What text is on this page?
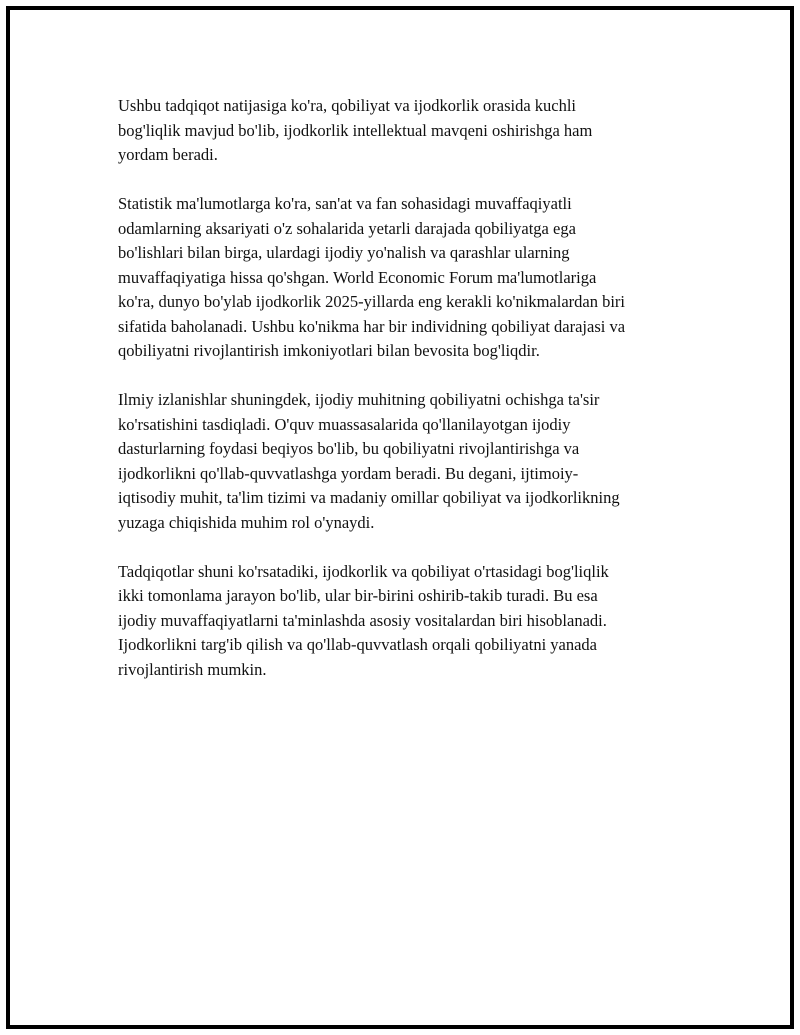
Ushbu tadqiqot natijasiga ko'ra, qobiliyat va ijodkorlik orasida kuchli
bog'liqlik mavjud bo'lib, ijodkorlik intellektual mavqeni oshirishga ham
yordam beradi.

Statistik ma'lumotlarga ko'ra, san'at va fan sohasidagi muvaffaqiyatli
odamlarning aksariyati o'z sohalarida yetarli darajada qobiliyatga ega
bo'lishlari bilan birga, ulardagi ijodiy yo'nalish va qarashlar ularning
muvaffaqiyatiga hissa qo'shgan. World Economic Forum ma'lumotlariga
ko'ra, dunyo bo'ylab ijodkorlik 2025-yillarda eng kerakli ko'nikmalardan biri
sifatida baholanadi. Ushbu ko'nikma har bir individning qobiliyat darajasi va
qobiliyatni rivojlantirish imkoniyotlari bilan bevosita bog'liqdir.

Ilmiy izlanishlar shuningdek, ijodiy muhitning qobiliyatni ochishga ta'sir
ko'rsatishini tasdiqladi. O'quv muassasalarida qo'llanilayotgan ijodiy
dasturlarning foydasi beqiyos bo'lib, bu qobiliyatni rivojlantirishga va
ijodkorlikni qo'llab-quvvatlashga yordam beradi. Bu degani, ijtimoiy-
iqtisodiy muhit, ta'lim tizimi va madaniy omillar qobiliyat va ijodkorlikning
yuzaga chiqishida muhim rol o'ynaydi.

Tadqiqotlar shuni ko'rsatadiki, ijodkorlik va qobiliyat o'rtasidagi bog'liqlik
ikki tomonlama jarayon bo'lib, ular bir-birini oshirib-takib turadi. Bu esa
ijodiy muvaffaqiyatlarni ta'minlashda asosiy vositalardan biri hisoblanadi.
Ijodkorlikni targ'ib qilish va qo'llab-quvvatlash orqali qobiliyatni yanada
rivojlantirish mumkin.
